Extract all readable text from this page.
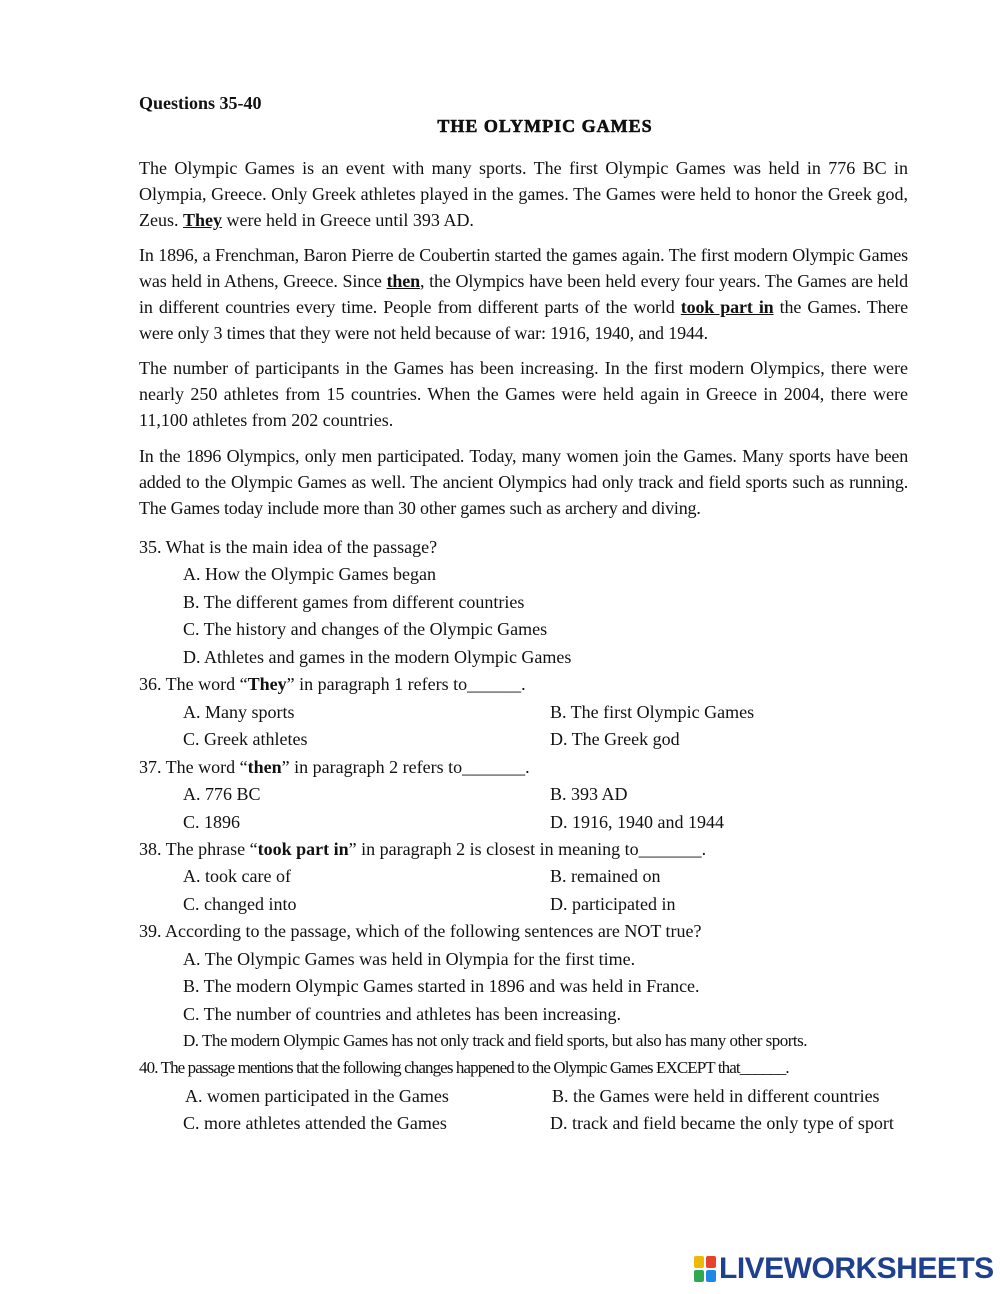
Questions 35-40
THE OLYMPIC GAMES

The Olympic Games is an event with many sports. The first Olympic Games was held in 776 BC in Olympia, Greece. Only Greek athletes played in the games. The Games were held to honor the Greek god, Zeus. They were held in Greece until 393 AD.

In 1896, a Frenchman, Baron Pierre de Coubertin started the games again. The first modern Olympic Games was held in Athens, Greece. Since then, the Olympics have been held every four years. The Games are held in different countries every time. People from different parts of the world took part in the Games. There were only 3 times that they were not held because of war: 1916, 1940, and 1944.

The number of participants in the Games has been increasing. In the first modern Olympics, there were nearly 250 athletes from 15 countries. When the Games were held again in Greece in 2004, there were 11,100 athletes from 202 countries.

In the 1896 Olympics, only men participated. Today, many women join the Games. Many sports have been added to the Olympic Games as well. The ancient Olympics had only track and field sports such as running. The Games today include more than 30 other games such as archery and diving.

35. What is the main idea of the passage?
A. How the Olympic Games began
B. The different games from different countries
C. The history and changes of the Olympic Games
D. Athletes and games in the modern Olympic Games
36. The word “They” in paragraph 1 refers to______.
A. Many sports	B. The first Olympic Games
C. Greek athletes	D. The Greek god
37. The word “then” in paragraph 2 refers to_______.
A. 776 BC	B. 393 AD
C. 1896	D. 1916, 1940 and 1944
38. The phrase “took part in” in paragraph 2 is closest in meaning to_______.
A. took care of	B. remained on
C. changed into	D. participated in
39. According to the passage, which of the following sentences are NOT true?
A. The Olympic Games was held in Olympia for the first time.
B. The modern Olympic Games started in 1896 and was held in France.
C. The number of countries and athletes has been increasing.
D. The modern Olympic Games has not only track and field sports, but also has many other sports.
40. The passage mentions that the following changes happened to the Olympic Games EXCEPT that______.
A. women participated in the Games	B. the Games were held in different countries
C. more athletes attended the Games	D. track and field became the only type of sport
LIVEWORKSHEETS
